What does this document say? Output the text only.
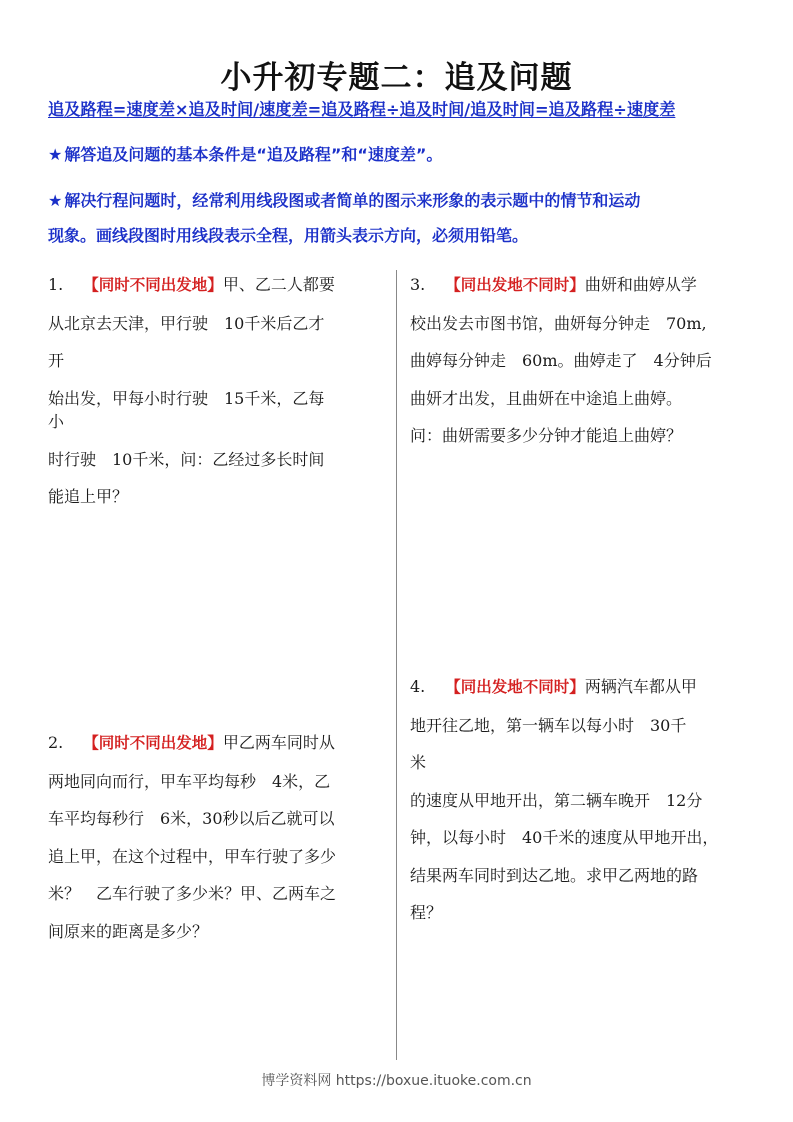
小升初专题二：追及问题
追及路程=速度差×追及时间/速度差=追及路程÷追及时间/追及时间=追及路程÷速度差
★ 解答追及问题的基本条件是“追及路程”和“速度差”。
★ 解决行程问题时，经常利用线段图或者简单的图示来形象的表示题中的情节和运动
现象。画线段图时用线段表示全程，用箭头表示方向，必须用铅笔。
1. 【同时不同出发地】甲、乙二人都要
从北京去天津，甲行驶　10千米后乙才
开
始出发，甲每小时行驶　15千米，乙每
小
时行驶　10千米，问：乙经过多长时间
能追上甲？
2. 【同时不同出发地】甲乙两车同时从
两地同向而行，甲车平均每秒　4米，乙
车平均每秒行　6米，30秒以后乙就可以
追上甲，在这个过程中，甲车行驶了多少
米？　乙车行驶了多少米？甲、乙两车之
间原来的距离是多少？
3. 【同出发地不同时】曲妍和曲婷从学
校出发去市图书馆，曲妍每分钟走　70m,
曲婷每分钟走　60m。曲婷走了　4分钟后
曲妍才出发，且曲妍在中途追上曲婷。
问：曲妍需要多少分钟才能追上曲婷？
4. 【同出发地不同时】两辆汽车都从甲
地开往乙地，第一辆车以每小时　30千
米
的速度从甲地开出，第二辆车晚开　12分
钟，以每小时　40千米的速度从甲地开出，
结果两车同时到达乙地。求甲乙两地的路
程？
博学资料网 https://boxue.ituoke.com.cn
